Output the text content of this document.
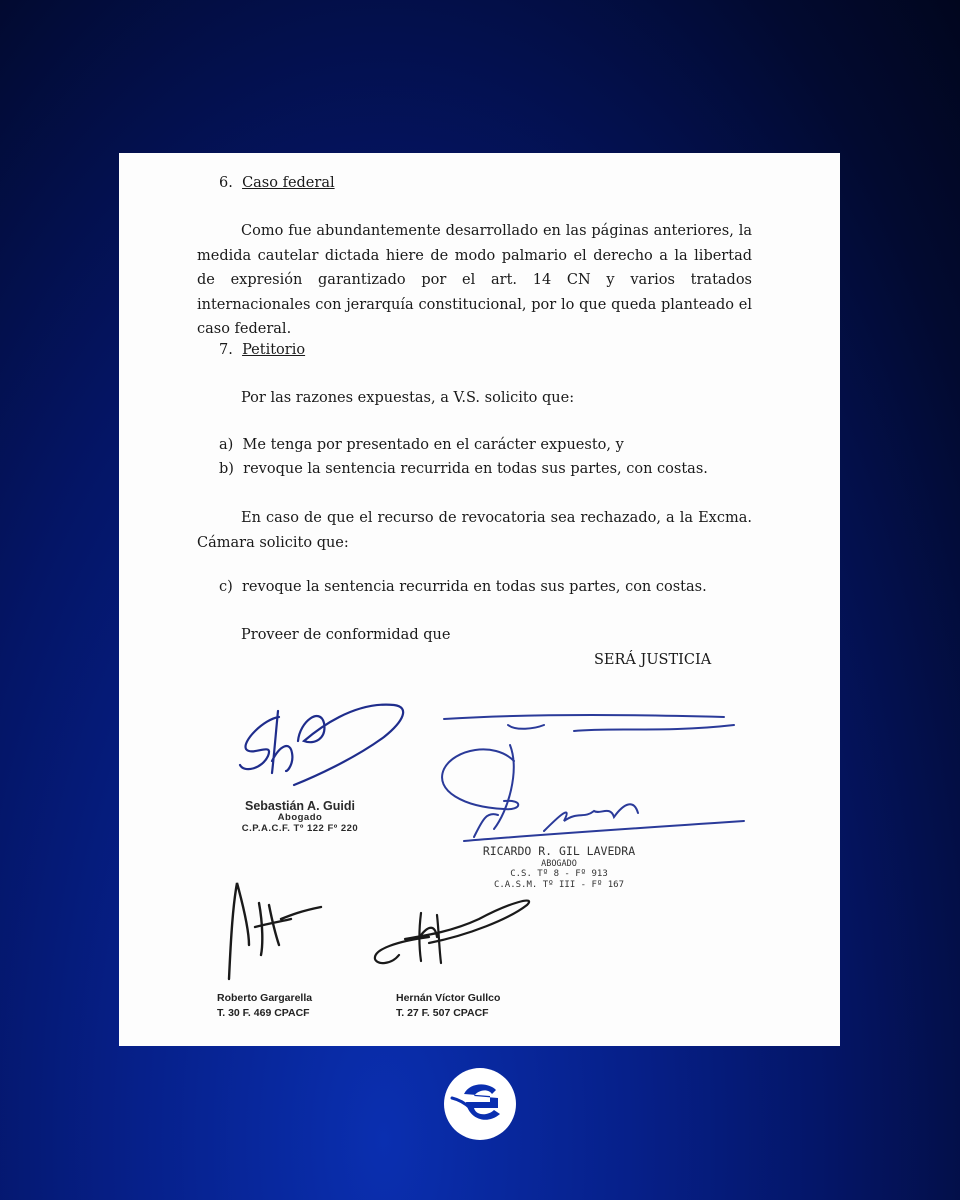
6. Caso federal
Como fue abundantemente desarrollado en las páginas anteriores, la medida cautelar dictada hiere de modo palmario el derecho a la libertad de expresión garantizado por el art. 14 CN y varios tratados internacionales con jerarquía constitucional, por lo que queda planteado el caso federal.
7. Petitorio
Por las razones expuestas, a V.S. solicito que:
a) Me tenga por presentado en el carácter expuesto, y
b) revoque la sentencia recurrida en todas sus partes, con costas.
En caso de que el recurso de revocatoria sea rechazado, a la Excma. Cámara solicito que:
c) revoque la sentencia recurrida en todas sus partes, con costas.
Proveer de conformidad que
SERÁ JUSTICIA
Sebastián A. Guidi
Abogado
C.P.A.C.F. Tº 122 Fº 220
RICARDO R. GIL LAVEDRA
ABOGADO
C.S. Tº 8 - Fº 913
C.A.S.M. Tº III - Fº 167
Roberto Gargarella
T. 30 F. 469 CPACF
Hernán Víctor Gullco
T. 27 F. 507 CPACF
